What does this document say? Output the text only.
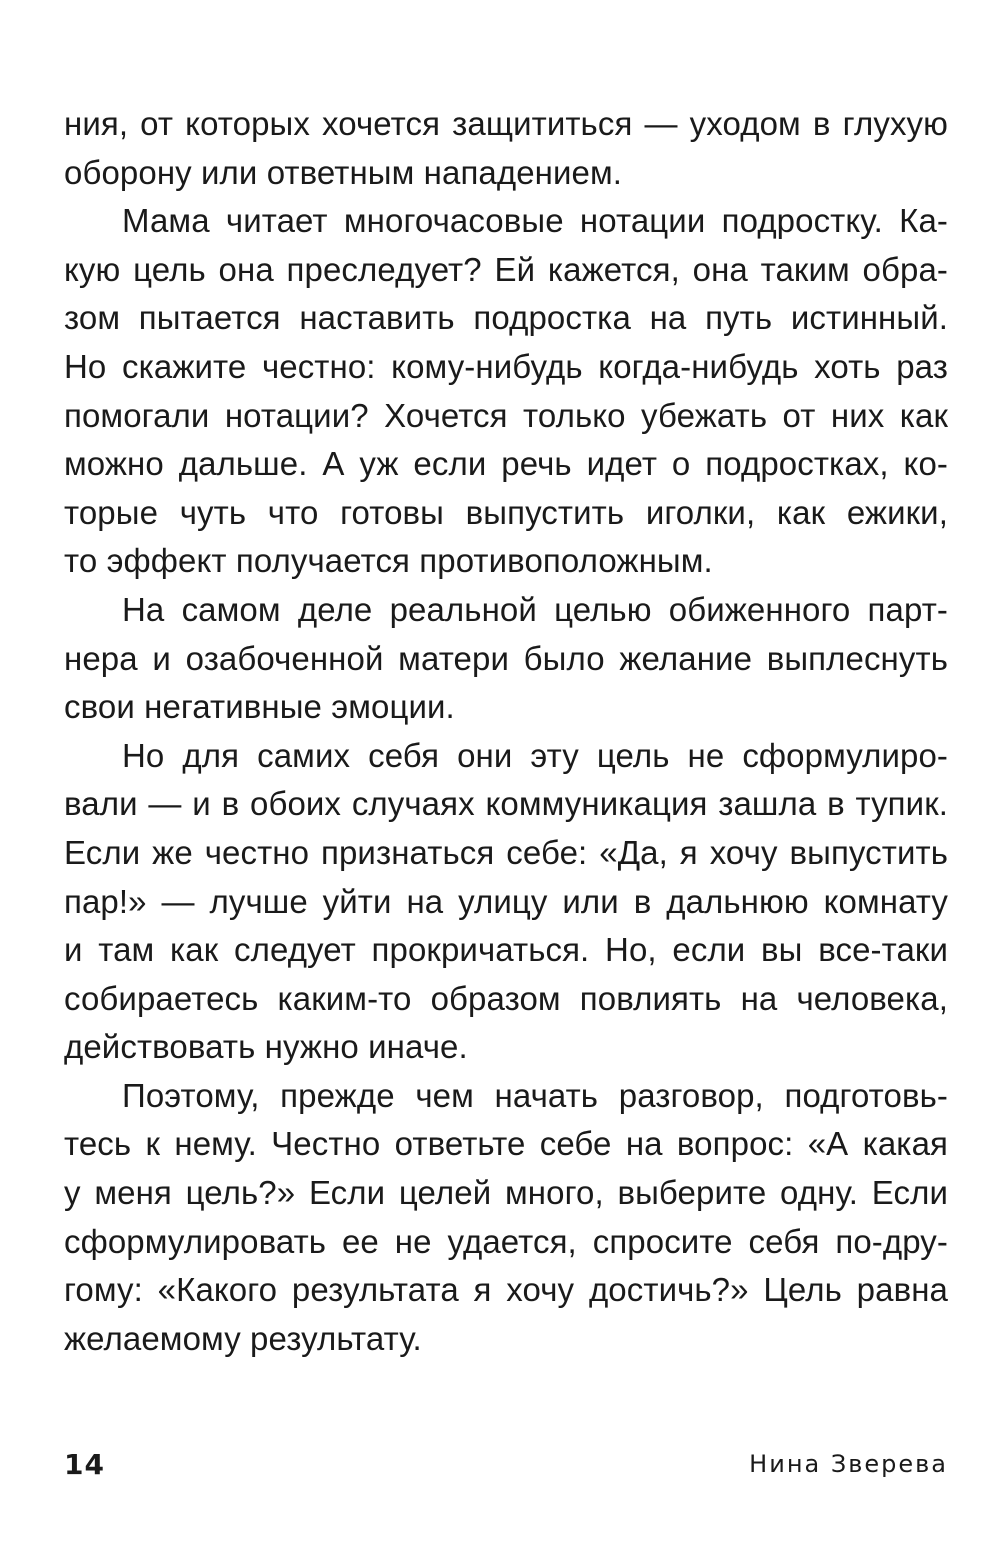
ния, от которых хочется защититься — уходом в глухую
оборону или ответным нападением.
Мама читает многочасовые нотации подростку. Ка-
кую цель она преследует? Ей кажется, она таким обра-
зом пытается наставить подростка на путь истинный.
Но скажите честно: кому-нибудь когда-нибудь хоть раз
помогали нотации? Хочется только убежать от них как
можно дальше. А уж если речь идет о подростках, ко-
торые чуть что готовы выпустить иголки, как ежики,
то эффект получается противоположным.
На самом деле реальной целью обиженного парт-
нера и озабоченной матери было желание выплеснуть
свои негативные эмоции.
Но для самих себя они эту цель не сформулиро-
вали — и в обоих случаях коммуникация зашла в тупик.
Если же честно признаться себе: «Да, я хочу выпустить
пар!» — лучше уйти на улицу или в дальнюю комнату
и там как следует прокричаться. Но, если вы все-таки
собираетесь каким-то образом повлиять на человека,
действовать нужно иначе.
Поэтому, прежде чем начать разговор, подготовь-
тесь к нему. Честно ответьте себе на вопрос: «А какая
у меня цель?» Если целей много, выберите одну. Если
сформулировать ее не удается, спросите себя по-дру-
гому: «Какого результата я хочу достичь?» Цель равна
желаемому результату.
14	Нина Зверева
